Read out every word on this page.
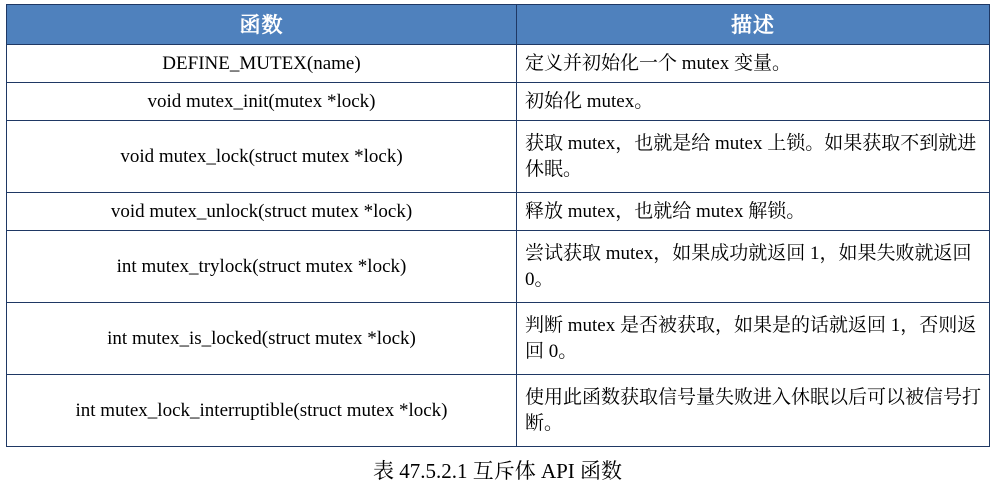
函数	描述
DEFINE_MUTEX(name)	定义并初始化一个 mutex 变量。
void mutex_init(mutex *lock)	初始化 mutex。
void mutex_lock(struct mutex *lock)	获取 mutex，也就是给 mutex 上锁。如果获取不到就进休眠。
void mutex_unlock(struct mutex *lock)	释放 mutex，也就给 mutex 解锁。
int mutex_trylock(struct mutex *lock)	尝试获取 mutex，如果成功就返回 1，如果失败就返回 0。
int mutex_is_locked(struct mutex *lock)	判断 mutex 是否被获取，如果是的话就返回 1，否则返回 0。
int mutex_lock_interruptible(struct mutex *lock)	使用此函数获取信号量失败进入休眠以后可以被信号打断。
表 47.5.2.1 互斥体 API 函数
